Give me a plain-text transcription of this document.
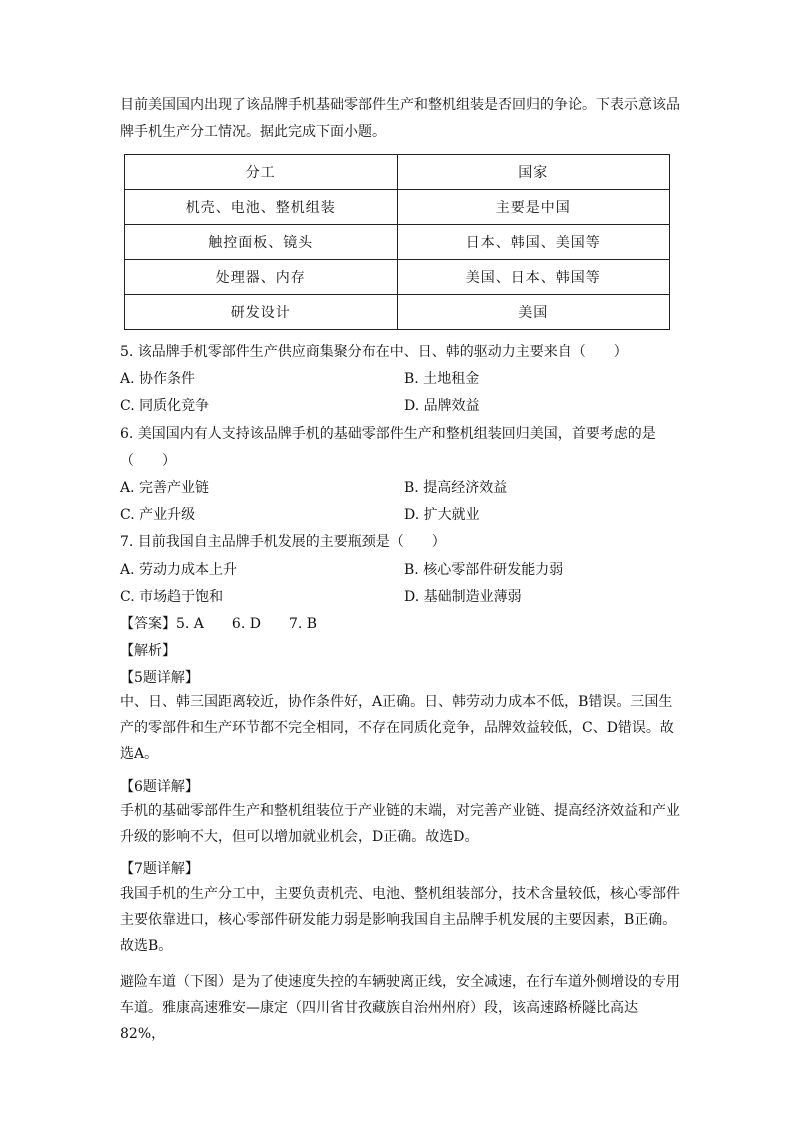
目前美国国内出现了该品牌手机基础零部件生产和整机组装是否回归的争论。下表示意该品牌手机生产分工情况。据此完成下面小题。

分工	国家
机壳、电池、整机组装	主要是中国
触控面板、镜头	日本、韩国、美国等
处理器、内存	美国、日本、韩国等
研发设计	美国
5. 该品牌手机零部件生产供应商集聚分布在中、日、韩的驱动力主要来自（　　）
A. 协作条件	B. 土地租金
C. 同质化竞争	D. 品牌效益
6. 美国国内有人支持该品牌手机的基础零部件生产和整机组装回归美国，首要考虑的是
（　　）
A. 完善产业链	B. 提高经济效益
C. 产业升级	D. 扩大就业
7. 目前我国自主品牌手机发展的主要瓶颈是（　　）
A. 劳动力成本上升	B. 核心零部件研发能力弱
C. 市场趋于饱和	D. 基础制造业薄弱
【答案】5. A　　6. D　　7. B
【解析】
【5题详解】

中、日、韩三国距离较近，协作条件好，A正确。日、韩劳动力成本不低，B错误。三国生产的零部件和生产环节都不完全相同，不存在同质化竞争，品牌效益较低，C、D错误。故选A。

【6题详解】

手机的基础零部件生产和整机组装位于产业链的末端，对完善产业链、提高经济效益和产业升级的影响不大，但可以增加就业机会，D正确。故选D。

【7题详解】

我国手机的生产分工中，主要负责机壳、电池、整机组装部分，技术含量较低，核心零部件主要依靠进口，核心零部件研发能力弱是影响我国自主品牌手机发展的主要因素，B正确。故选B。

避险车道（下图）是为了使速度失控的车辆驶离正线，安全减速，在行车道外侧增设的专用车道。雅康高速雅安—康定（四川省甘孜藏族自治州州府）段，该高速路桥隧比高达82%，
